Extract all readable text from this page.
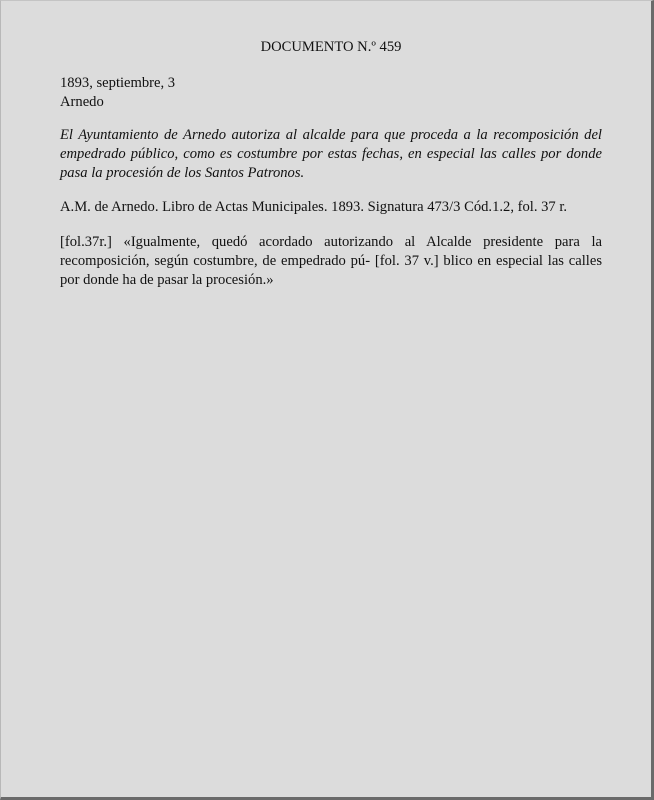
DOCUMENTO N.º 459
1893, septiembre, 3
Arnedo
El Ayuntamiento de Arnedo autoriza al alcalde para que proceda a la recomposición del empedrado público, como es costumbre por estas fechas, en especial las calles por donde pasa la procesión de los Santos Patronos.
A.M. de Arnedo. Libro de Actas Municipales. 1893. Signatura 473/3 Cód.1.2, fol. 37 r.
[fol.37r.] «Igualmente, quedó acordado autorizando al Alcalde presidente para la recomposición, según costumbre, de empedrado pú- [fol. 37 v.] blico en especial las calles por donde ha de pasar la procesión.»
